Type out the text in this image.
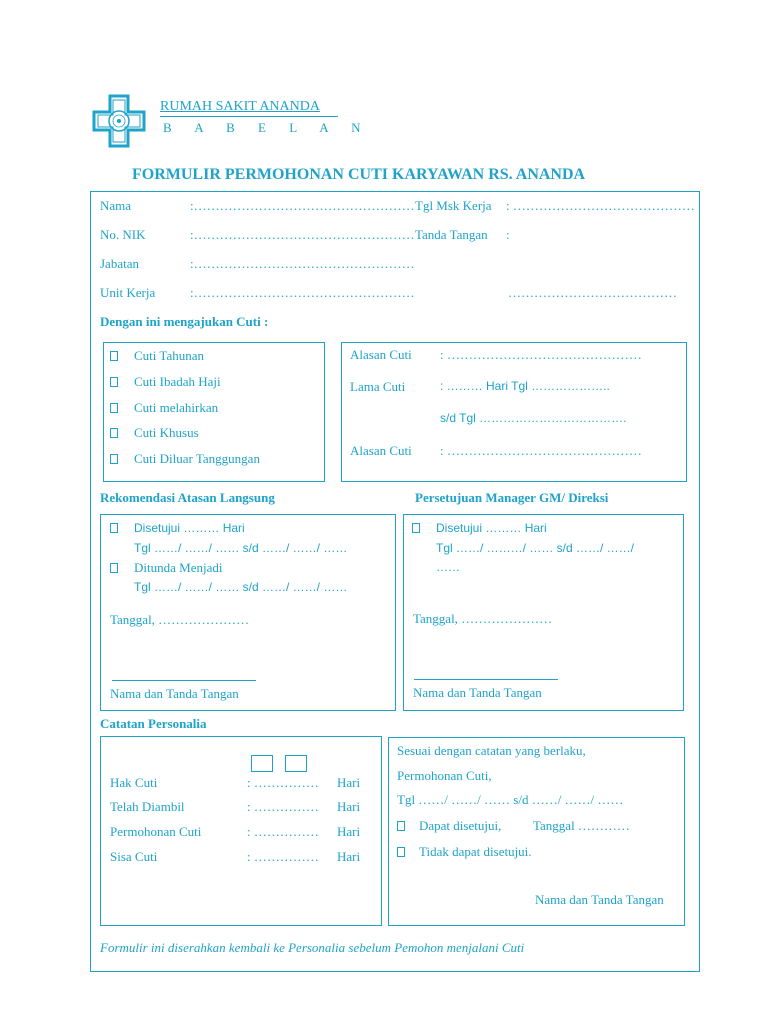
RUMAH SAKIT ANANDA
B A B E L A N
FORMULIR PERMOHONAN CUTI KARYAWAN RS. ANANDA
Nama	:…………………………………………… Tgl Msk Kerja : ……………………………………
No. NIK	:…………………………………………… Tanda Tangan :
Jabatan	:……………………………………………
Unit Kerja	:……………………………………………	…………………………………
Dengan ini mengajukan Cuti :
Cuti Tahunan
Cuti Ibadah Haji
Cuti melahirkan
Cuti Khusus
Cuti Diluar Tanggungan
Alasan Cuti : ………………………………………
Lama Cuti	: ……… Hari Tgl ………………..
s/d Tgl ……………………………….
Alasan Cuti : ………………………………………
Rekomendasi Atasan Langsung	Persetujuan Manager GM/ Direksi
Disetujui ……… Hari
Tgl ……/ ……/ …… s/d ……/ ……/ ……
Ditunda Menjadi
Tgl ……/ ……/ …… s/d ……/ ……/ ……
Tanggal, …………………
Nama dan Tanda Tangan
Disetujui ……… Hari
Tgl ……/ ………/ …… s/d ……/ ……/
……
Tanggal, …………………
Nama dan Tanda Tangan
Catatan Personalia
Hak Cuti	: …………… Hari
Telah Diambil	: …………… Hari
Permohonan Cuti	: …………… Hari
Sisa Cuti	: …………… Hari
Sesuai dengan catatan yang berlaku,
Permohonan Cuti,
Tgl ……/ ……/ …… s/d ……/ ……/ ……
Dapat disetujui, Tanggal …………
Tidak dapat disetujui.
Nama dan Tanda Tangan
Formulir ini diserahkan kembali ke Personalia sebelum Pemohon menjalani Cuti
